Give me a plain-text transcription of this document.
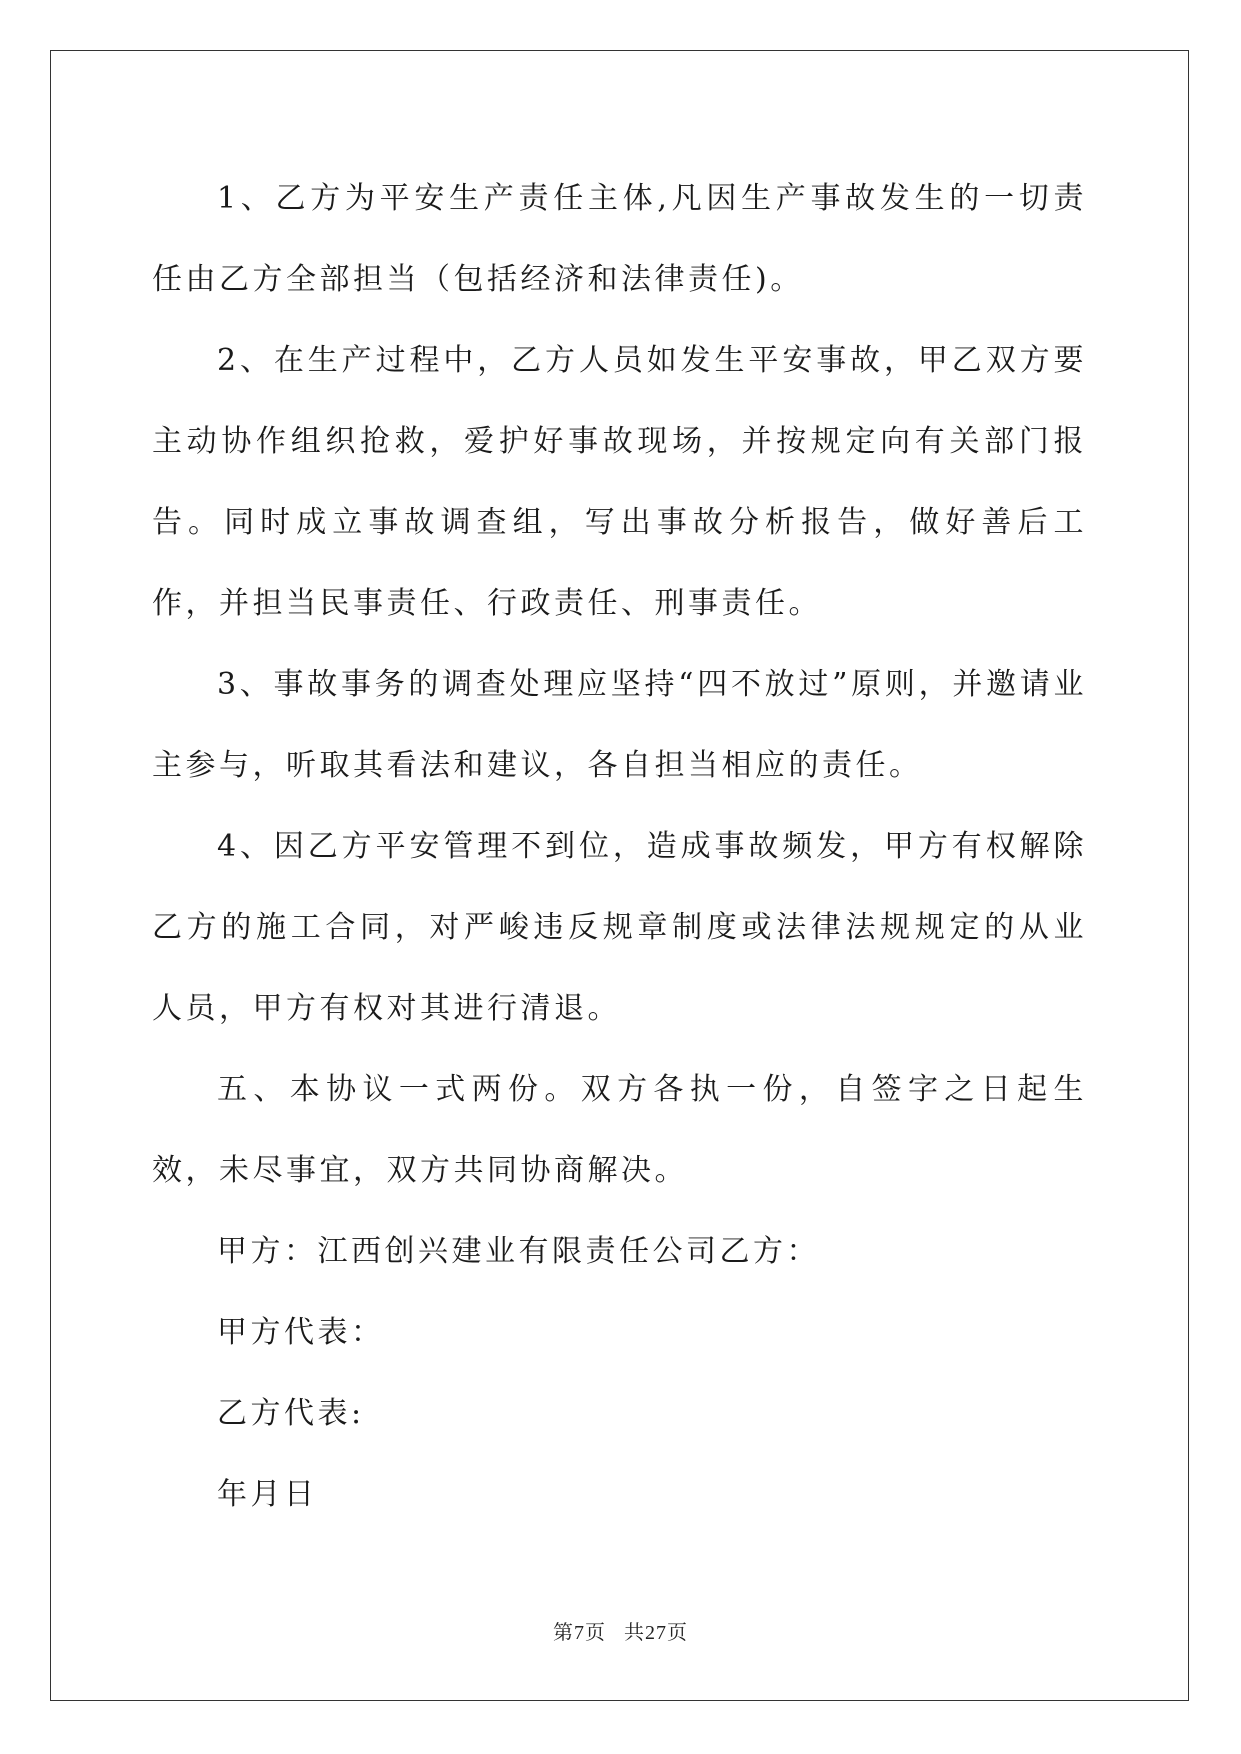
1、乙方为平安生产责任主体,凡因生产事故发生的一切责任由乙方全部担当（包括经济和法律责任)。

2、在生产过程中，乙方人员如发生平安事故，甲乙双方要主动协作组织抢救，爱护好事故现场，并按规定向有关部门报告。同时成立事故调查组，写出事故分析报告，做好善后工作，并担当民事责任、行政责任、刑事责任。

3、事故事务的调查处理应坚持“四不放过”原则，并邀请业主参与，听取其看法和建议，各自担当相应的责任。

4、因乙方平安管理不到位，造成事故频发，甲方有权解除乙方的施工合同，对严峻违反规章制度或法律法规规定的从业人员，甲方有权对其进行清退。

五、本协议一式两份。双方各执一份，自签字之日起生效，未尽事宜，双方共同协商解决。

甲方：江西创兴建业有限责任公司乙方：

甲方代表：

乙方代表:

年月日

第7页 共27页
